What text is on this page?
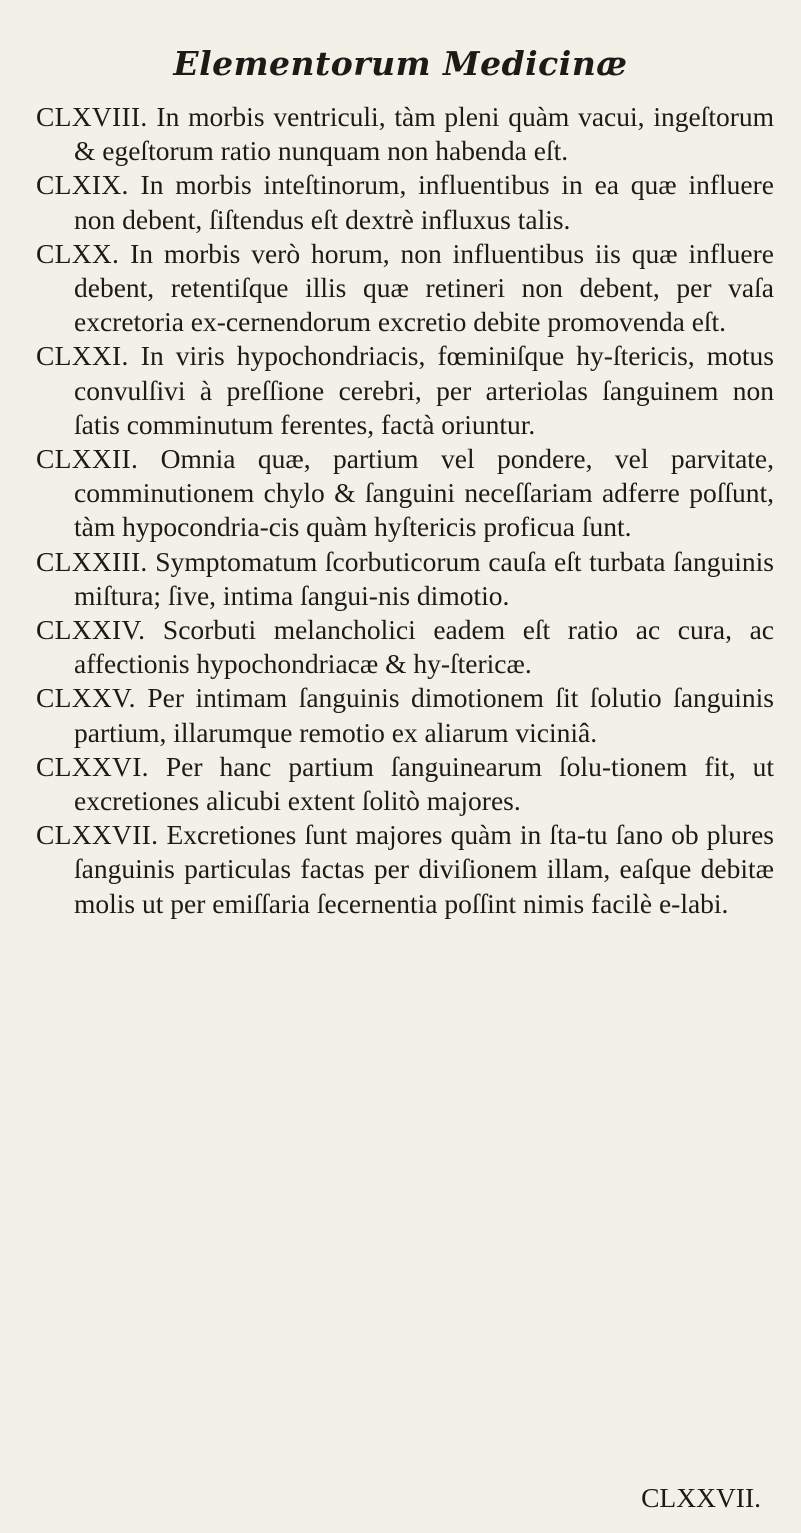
Elementorum Medicinæ

CLXVIII. In morbis ventriculi, tàm pleni quàm vacui, ingeſtorum & egeſtorum ratio nunquam non habenda eſt.

CLXIX. In morbis inteſtinorum, influentibus in ea quæ influere non debent, ſiſtendus eſt dextrè influxus talis.

CLXX. In morbis verò horum, non influentibus iis quæ influere debent, retentiſque illis quæ retineri non debent, per vaſa excretoria ex-cernendorum excretio debite promovenda eſt.

CLXXI. In viris hypochondriacis, fœminiſque hy-ſtericis, motus convulſivi à preſſione cerebri, per arteriolas ſanguinem non ſatis comminutum ferentes, factà oriuntur.

CLXXII. Omnia quæ, partium vel pondere, vel parvitate, comminutionem chylo & ſanguini neceſſariam adferre poſſunt, tàm hypocondria-cis quàm hyſtericis proficua ſunt.

CLXXIII. Symptomatum ſcorbuticorum cauſa eſt turbata ſanguinis miſtura; ſive, intima ſangui-nis dimotio.

CLXXIV. Scorbuti melancholici eadem eſt ratio ac cura, ac affectionis hypochondriacæ & hy-ſtericæ.

CLXXV. Per intimam ſanguinis dimotionem ſit ſolutio ſanguinis partium, illarumque remotio ex aliarum viciniâ.

CLXXVI. Per hanc partium ſanguinearum ſolu-tionem fit, ut excretiones alicubi extent ſolitò majores.

CLXXVII. Excretiones ſunt majores quàm in ſta-tu ſano ob plures ſanguinis particulas factas per diviſionem illam, eaſque debitæ molis ut per emiſſaria ſecernentia poſſint nimis facilè e-labi.

CLXXVII.
